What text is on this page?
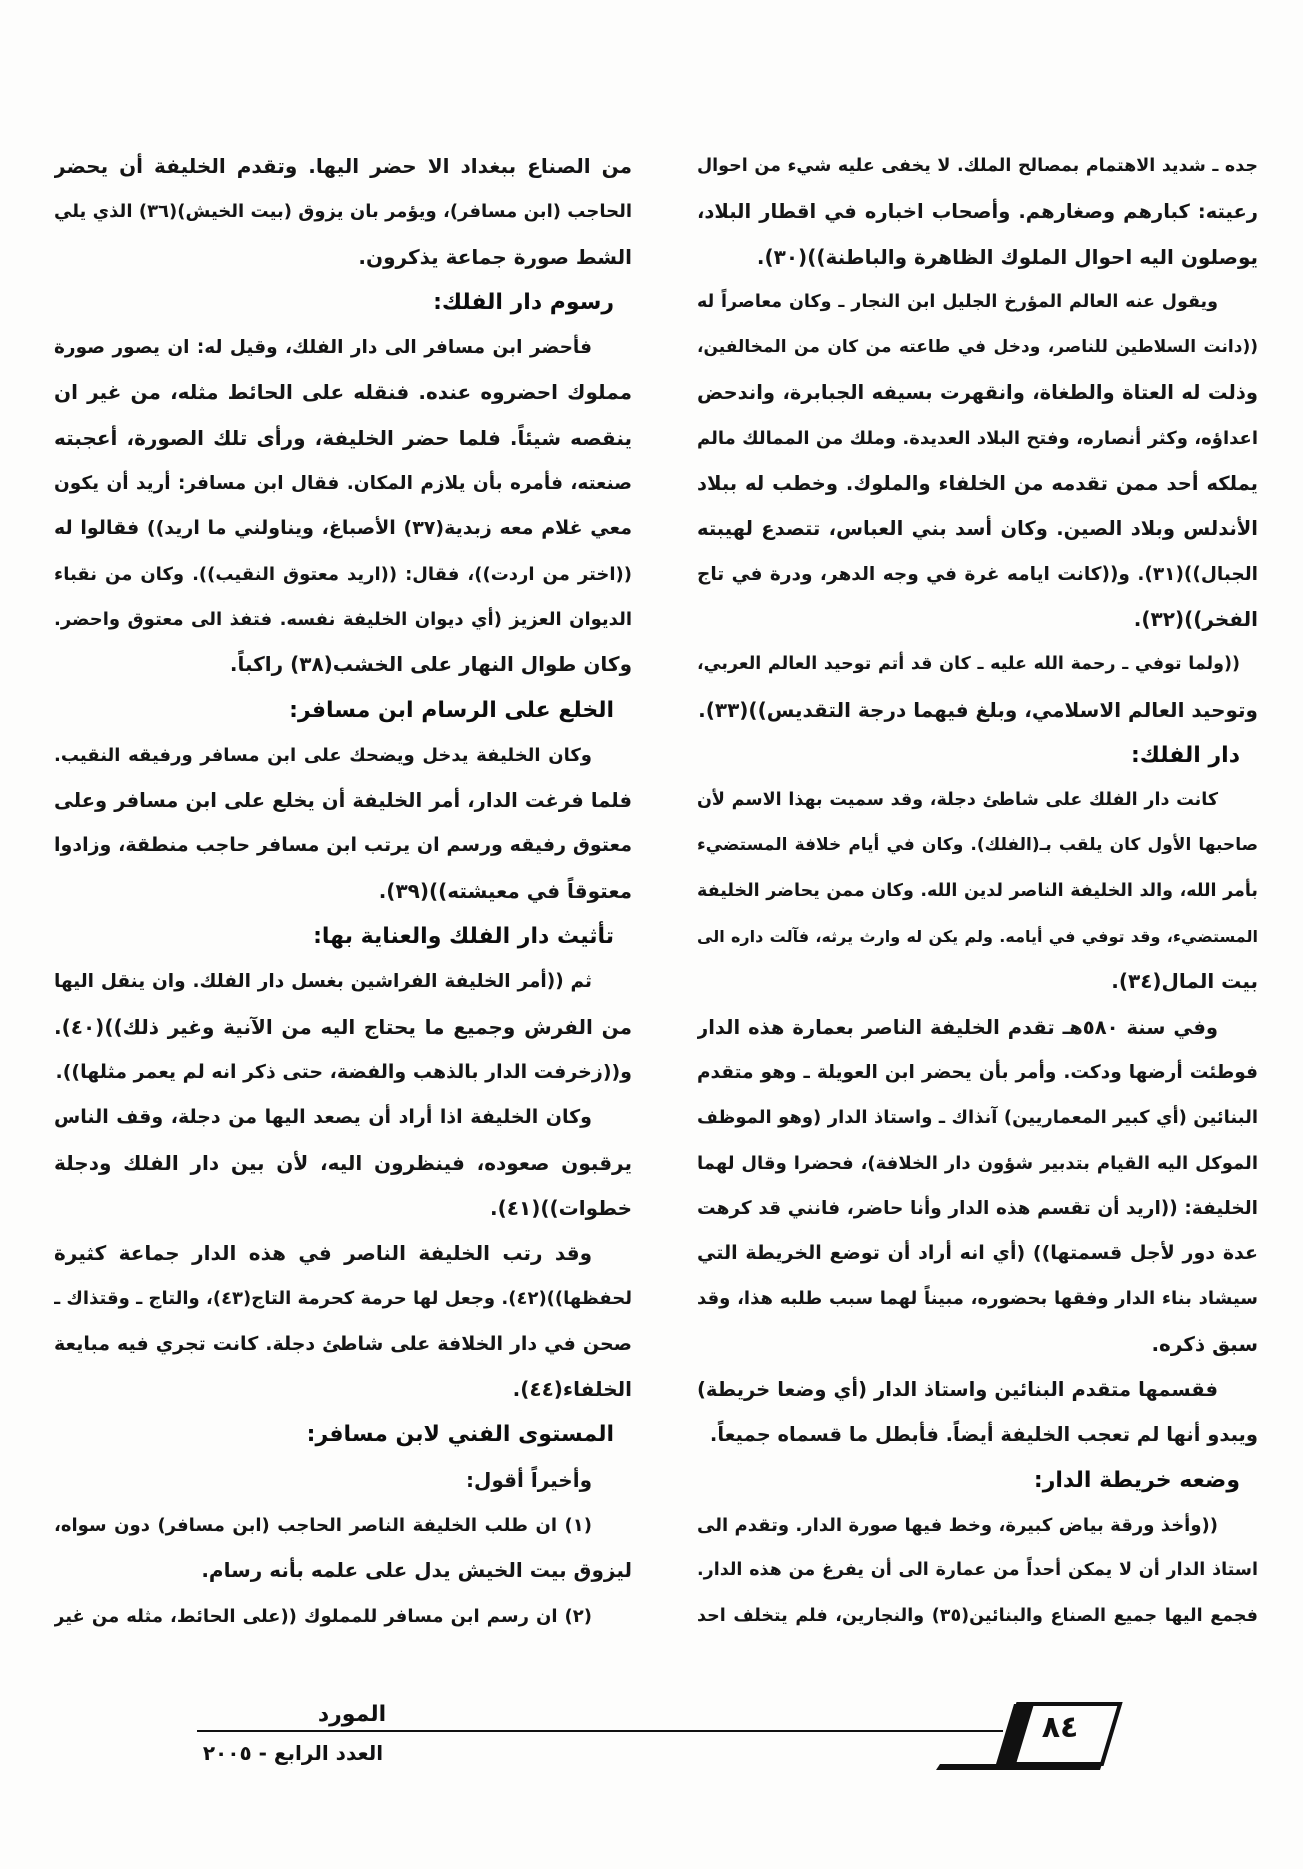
جده ـ شديد الاهتمام بمصالح الملك. لا يخفى عليه شيء من احوال
رعيته: كبارهم وصغارهم. وأصحاب اخباره في اقطار البلاد،
يوصلون اليه احوال الملوك الظاهرة والباطنة))(٣٠).
ويقول عنه العالم المؤرخ الجليل ابن النجار ـ وكان معاصراً له
((دانت السلاطين للناصر، ودخل في طاعته من كان من المخالفين،
وذلت له العتاة والطغاة، وانقهرت بسيفه الجبابرة، واندحض
اعداؤه، وكثر أنصاره، وفتح البلاد العديدة. وملك من الممالك مالم
يملكه أحد ممن تقدمه من الخلفاء والملوك. وخطب له ببلاد
الأندلس وبلاد الصين. وكان أسد بني العباس، تتصدع لهيبته
الجبال))(٣١). و((كانت ايامه غرة في وجه الدهر، ودرة في تاج
الفخر))(٣٢).
((ولما توفي ـ رحمة الله عليه ـ كان قد أتم توحيد العالم العربي،
وتوحيد العالم الاسلامي، وبلغ فيهما درجة التقديس))(٣٣).
دار الفلك:
كانت دار الفلك على شاطئ دجلة، وقد سميت بهذا الاسم لأن
صاحبها الأول كان يلقب بـ(الفلك). وكان في أيام خلافة المستضيء
بأمر الله، والد الخليفة الناصر لدين الله. وكان ممن يحاضر الخليفة
المستضيء، وقد توفي في أيامه. ولم يكن له وارث يرثه، فآلت داره الى
بيت المال(٣٤).
وفي سنة ٥٨٠هـ تقدم الخليفة الناصر بعمارة هذه الدار
فوطئت أرضها ودكت. وأمر بأن يحضر ابن العويلة ـ وهو متقدم
البنائين (أي كبير المعماريين) آنذاك ـ واستاذ الدار (وهو الموظف
الموكل اليه القيام بتدبير شؤون دار الخلافة)، فحضرا وقال لهما
الخليفة: ((اريد أن تقسم هذه الدار وأنا حاضر، فانني قد كرهت
عدة دور لأجل قسمتها)) (أي انه أراد أن توضع الخريطة التي
سيشاد بناء الدار وفقها بحضوره، مبيناً لهما سبب طلبه هذا، وقد
سبق ذكره.
فقسمها متقدم البنائين واستاذ الدار (أي وضعا خريطة)
ويبدو أنها لم تعجب الخليفة أيضاً. فأبطل ما قسماه جميعاً.
وضعه خريطة الدار:
((وأخذ ورقة بياض كبيرة، وخط فيها صورة الدار. وتقدم الى
استاذ الدار أن لا يمكن أحداً من عمارة الى أن يفرغ من هذه الدار.
فجمع اليها جميع الصناع والبنائين(٣٥) والنجارين، فلم يتخلف احد
من الصناع ببغداد الا حضر اليها. وتقدم الخليفة أن يحضر
الحاجب (ابن مسافر)، ويؤمر بان يزوق (بيت الخيش)(٣٦) الذي يلي
الشط صورة جماعة يذكرون.
رسوم دار الفلك:
فأحضر ابن مسافر الى دار الفلك، وقيل له: ان يصور صورة
مملوك احضروه عنده. فنقله على الحائط مثله، من غير ان
ينقصه شيئاً. فلما حضر الخليفة، ورأى تلك الصورة، أعجبته
صنعته، فأمره بأن يلازم المكان. فقال ابن مسافر: أريد أن يكون
معي غلام معه زبدية(٣٧) الأصباغ، ويناولني ما اريد)) فقالوا له
((اختر من اردت))، فقال: ((اريد معتوق النقيب)). وكان من نقباء
الديوان العزيز (أي ديوان الخليفة نفسه. فتفذ الى معتوق واحضر.
وكان طوال النهار على الخشب(٣٨) راكباً.
الخلع على الرسام ابن مسافر:
وكان الخليفة يدخل ويضحك على ابن مسافر ورفيقه النقيب.
فلما فرغت الدار، أمر الخليفة أن يخلع على ابن مسافر وعلى
معتوق رفيقه ورسم ان يرتب ابن مسافر حاجب منطقة، وزادوا
معتوقاً في معيشته))(٣٩).
تأثيث دار الفلك والعناية بها:
ثم ((أمر الخليفة الفراشين بغسل دار الفلك. وان ينقل اليها
من الفرش وجميع ما يحتاج اليه من الآنية وغير ذلك))(٤٠).
و((زخرفت الدار بالذهب والفضة، حتى ذكر انه لم يعمر مثلها)).
وكان الخليفة اذا أراد أن يصعد اليها من دجلة، وقف الناس
يرقبون صعوده، فينظرون اليه، لأن بين دار الفلك ودجلة
خطوات))(٤١).
وقد رتب الخليفة الناصر في هذه الدار جماعة كثيرة
لحفظها))(٤٢). وجعل لها حرمة كحرمة التاج(٤٣)، والتاج ـ وقتذاك ـ
صحن في دار الخلافة على شاطئ دجلة. كانت تجري فيه مبايعة
الخلفاء(٤٤).
المستوى الفني لابن مسافر:
وأخيراً أقول:
(١) ان طلب الخليفة الناصر الحاجب (ابن مسافر) دون سواه،
ليزوق بيت الخيش يدل على علمه بأنه رسام.
(٢) ان رسم ابن مسافر للمملوك ((على الحائط، مثله من غير
٨٤
المورد
العدد الرابع - ٢٠٠٥
